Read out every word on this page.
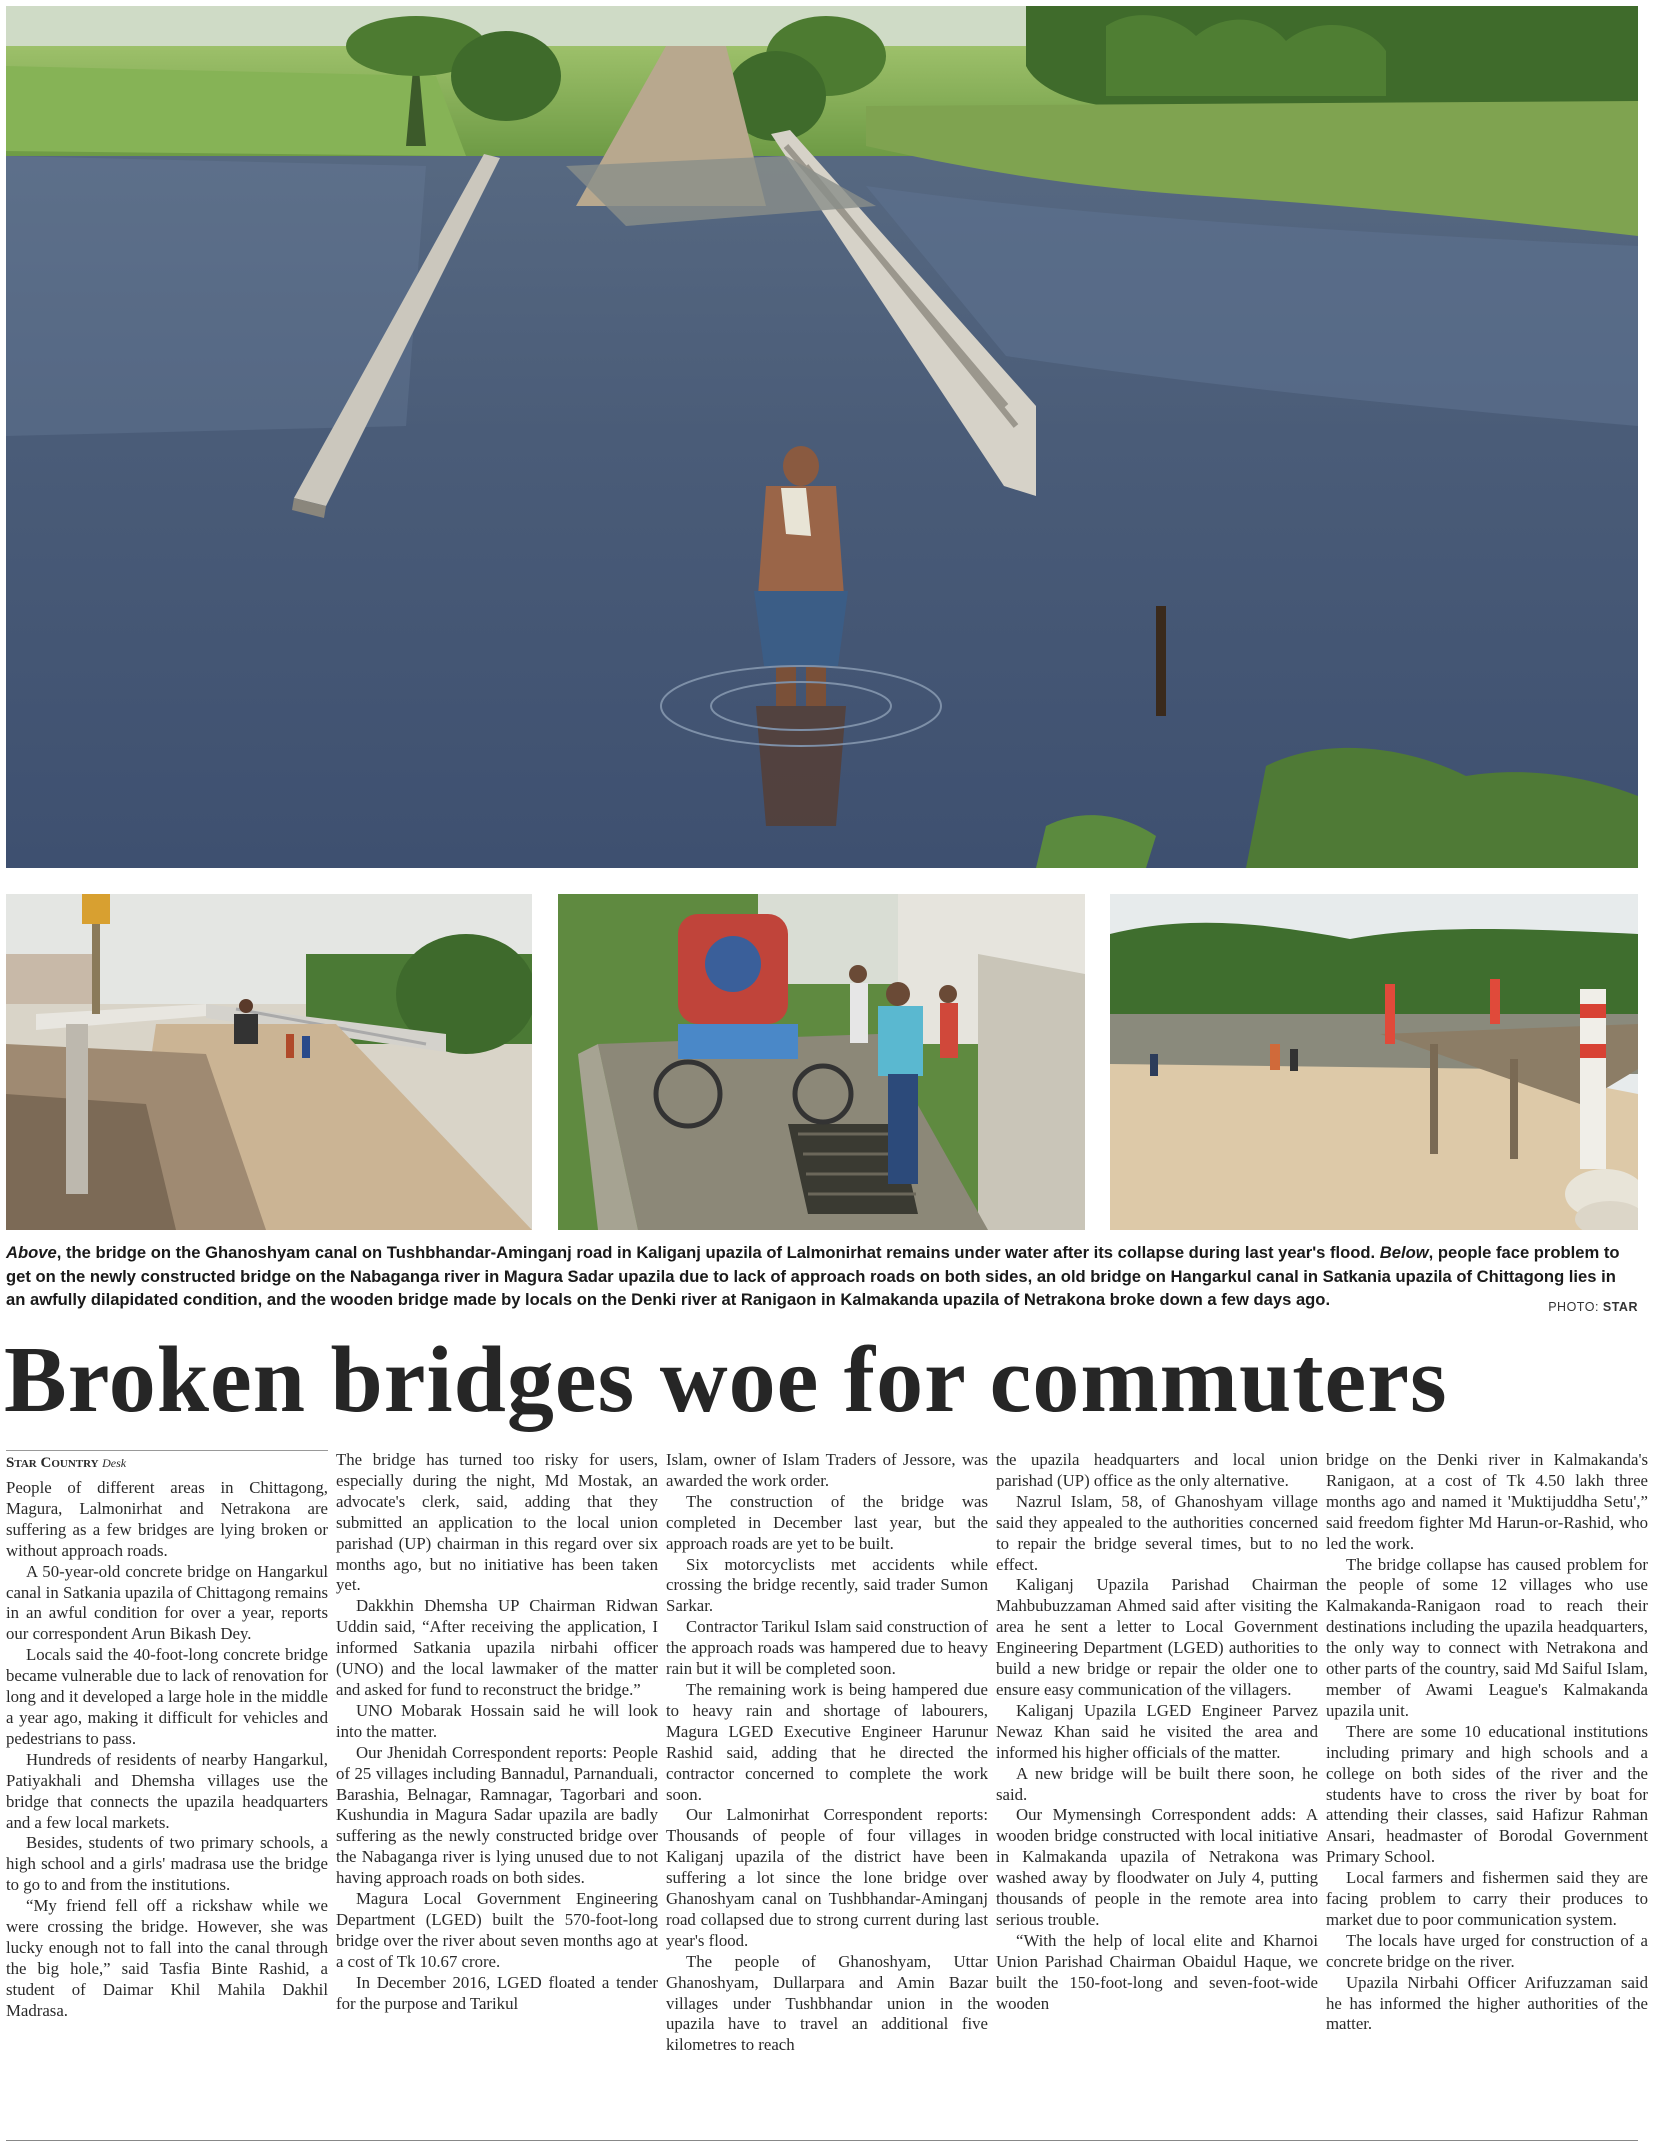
Above, the bridge on the Ghanoshyam canal on Tushbhandar-Aminganj road in Kaliganj upazila of Lalmonirhat remains under water after its collapse during last year's flood. Below, people face problem to get on the newly constructed bridge on the Nabaganga river in Magura Sadar upazila due to lack of approach roads on both sides, an old bridge on Hangarkul canal in Satkania upazila of Chittagong lies in an awfully dilapidated condition, and the wooden bridge made by locals on the Denki river at Ranigaon in Kalmakanda upazila of Netrakona broke down a few days ago.	PHOTO: STAR
Broken bridges woe for commuters
Star Country Desk

People of different areas in Chittagong, Magura, Lalmonirhat and Netrakona are suffering as a few bridges are lying broken or without approach roads.

A 50-year-old concrete bridge on Hangarkul canal in Satkania upazila of Chittagong remains in an awful condition for over a year, reports our correspondent Arun Bikash Dey.

Locals said the 40-foot-long concrete bridge became vulnerable due to lack of renovation for long and it developed a large hole in the middle a year ago, making it difficult for vehicles and pedestrians to pass.

Hundreds of residents of nearby Hangarkul, Patiyakhali and Dhemsha villages use the bridge that connects the upazila headquarters and a few local markets.

Besides, students of two primary schools, a high school and a girls' madrasa use the bridge to go to and from the institutions.

“My friend fell off a rickshaw while we were crossing the bridge. However, she was lucky enough not to fall into the canal through the big hole,” said Tasfia Binte Rashid, a student of Daimar Khil Mahila Dakhil Madrasa.

The bridge has turned too risky for users, especially during the night, Md Mostak, an advocate's clerk, said, adding that they submitted an application to the local union parishad (UP) chairman in this regard over six months ago, but no initiative has been taken yet.

Dakkhin Dhemsha UP Chairman Ridwan Uddin said, “After receiving the application, I informed Satkania upazila nirbahi officer (UNO) and the local lawmaker of the matter and asked for fund to reconstruct the bridge.”

UNO Mobarak Hossain said he will look into the matter.

Our Jhenidah Correspondent reports: People of 25 villages including Bannadul, Parnanduali, Barashia, Belnagar, Ramnagar, Tagorbari and Kushundia in Magura Sadar upazila are badly suffering as the newly constructed bridge over the Nabaganga river is lying unused due to not having approach roads on both sides.

Magura Local Government Engineering Department (LGED) built the 570-foot-long bridge over the river about seven months ago at a cost of Tk 10.67 crore.

In December 2016, LGED floated a tender for the purpose and Tarikul

Islam, owner of Islam Traders of Jessore, was awarded the work order.

The construction of the bridge was completed in December last year, but the approach roads are yet to be built.

Six motorcyclists met accidents while crossing the bridge recently, said trader Sumon Sarkar.

Contractor Tarikul Islam said construction of the approach roads was hampered due to heavy rain but it will be completed soon.

The remaining work is being hampered due to heavy rain and shortage of labourers, Magura LGED Executive Engineer Harunur Rashid said, adding that he directed the contractor concerned to complete the work soon.

Our Lalmonirhat Correspondent reports: Thousands of people of four villages in Kaliganj upazila of the district have been suffering a lot since the lone bridge over Ghanoshyam canal on Tushbhandar-Aminganj road collapsed due to strong current during last year's flood.

The people of Ghanoshyam, Uttar Ghanoshyam, Dullarpara and Amin Bazar villages under Tushbhandar union in the upazila have to travel an additional five kilometres to reach

the upazila headquarters and local union parishad (UP) office as the only alternative.

Nazrul Islam, 58, of Ghanoshyam village said they appealed to the authorities concerned to repair the bridge several times, but to no effect.

Kaliganj Upazila Parishad Chairman Mahbubuzzaman Ahmed said after visiting the area he sent a letter to Local Government Engineering Department (LGED) authorities to build a new bridge or repair the older one to ensure easy communication of the villagers.

Kaliganj Upazila LGED Engineer Parvez Newaz Khan said he visited the area and informed his higher officials of the matter.

A new bridge will be built there soon, he said.

Our Mymensingh Correspondent adds: A wooden bridge constructed with local initiative in Kalmakanda upazila of Netrakona was washed away by floodwater on July 4, putting thousands of people in the remote area into serious trouble.

“With the help of local elite and Kharnoi Union Parishad Chairman Obaidul Haque, we built the 150-foot-long and seven-foot-wide wooden

bridge on the Denki river in Kalmakanda's Ranigaon, at a cost of Tk 4.50 lakh three months ago and named it 'Muktijuddha Setu',” said freedom fighter Md Harun-or-Rashid, who led the work.

The bridge collapse has caused problem for the people of some 12 villages who use Kalmakanda-Ranigaon road to reach their destinations including the upazila headquarters, the only way to connect with Netrakona and other parts of the country, said Md Saiful Islam, member of Awami League's Kalmakanda upazila unit.

There are some 10 educational institutions including primary and high schools and a college on both sides of the river and the students have to cross the river by boat for attending their classes, said Hafizur Rahman Ansari, headmaster of Borodal Government Primary School.

Local farmers and fishermen said they are facing problem to carry their produces to market due to poor communication system.

The locals have urged for construction of a concrete bridge on the river.

Upazila Nirbahi Officer Arifuzzaman said he has informed the higher authorities of the matter.
